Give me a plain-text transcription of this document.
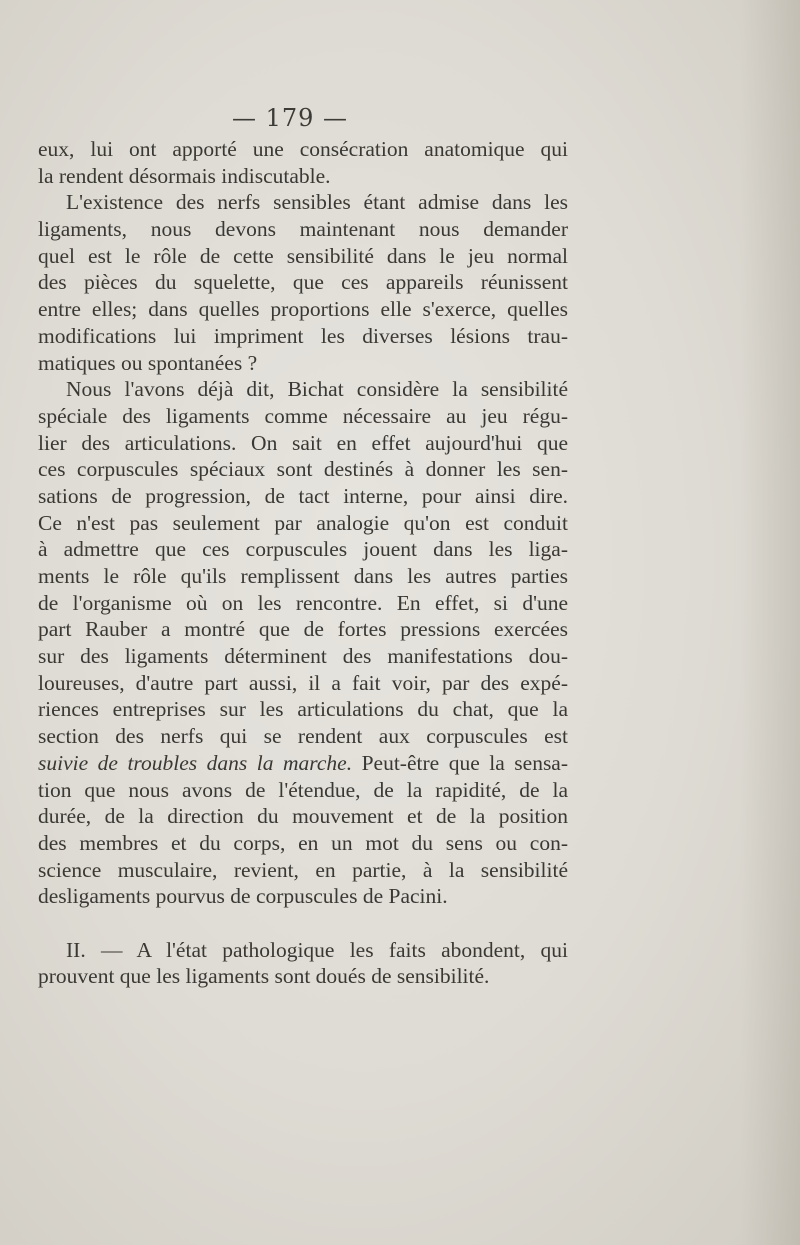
— 179 —
eux, lui ont apporté une consécration anatomique qui
la rendent désormais indiscutable.
L'existence des nerfs sensibles étant admise dans les
ligaments, nous devons maintenant nous demander
quel est le rôle de cette sensibilité dans le jeu normal
des pièces du squelette, que ces appareils réunissent
entre elles; dans quelles proportions elle s'exerce, quelles
modifications lui impriment les diverses lésions trau-
matiques ou spontanées ?
Nous l'avons déjà dit, Bichat considère la sensibilité
spéciale des ligaments comme nécessaire au jeu régu-
lier des articulations. On sait en effet aujourd'hui que
ces corpuscules spéciaux sont destinés à donner les sen-
sations de progression, de tact interne, pour ainsi dire.
Ce n'est pas seulement par analogie qu'on est conduit
à admettre que ces corpuscules jouent dans les liga-
ments le rôle qu'ils remplissent dans les autres parties
de l'organisme où on les rencontre. En effet, si d'une
part Rauber a montré que de fortes pressions exercées
sur des ligaments déterminent des manifestations dou-
loureuses, d'autre part aussi, il a fait voir, par des expé-
riences entreprises sur les articulations du chat, que la
section des nerfs qui se rendent aux corpuscules est
suivie de troubles dans la marche. Peut-être que la sensa-
tion que nous avons de l'étendue, de la rapidité, de la
durée, de la direction du mouvement et de la position
des membres et du corps, en un mot du sens ou con-
science musculaire, revient, en partie, à la sensibilité
desligaments pourvus de corpuscules de Pacini.
II. — A l'état pathologique les faits abondent, qui
prouvent que les ligaments sont doués de sensibilité.
